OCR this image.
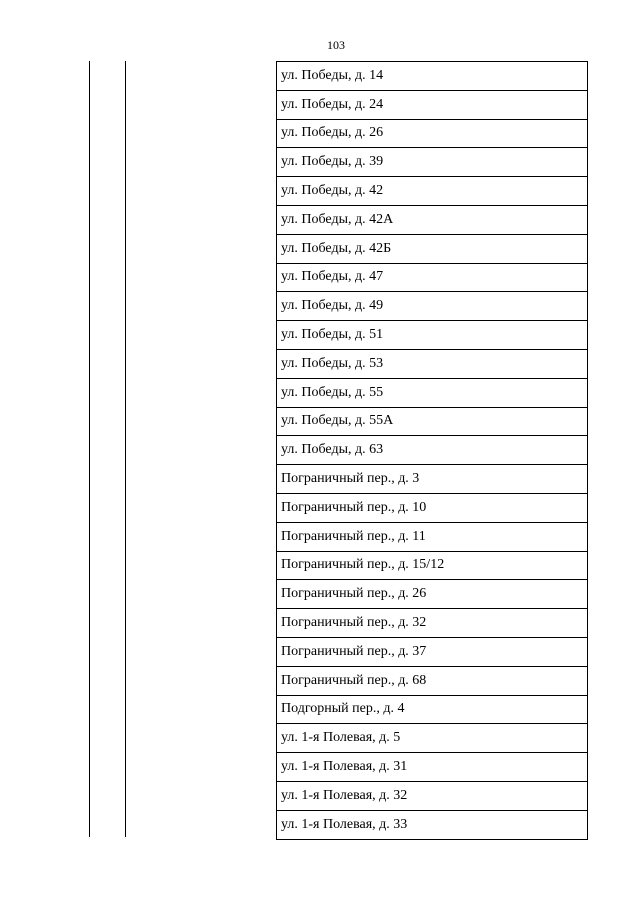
103
ул. Победы, д. 14
ул. Победы, д. 24
ул. Победы, д. 26
ул. Победы, д. 39
ул. Победы, д. 42
ул. Победы, д. 42А
ул. Победы, д. 42Б
ул. Победы, д. 47
ул. Победы, д. 49
ул. Победы, д. 51
ул. Победы, д. 53
ул. Победы, д. 55
ул. Победы, д. 55А
ул. Победы, д. 63
Пограничный пер., д. 3
Пограничный пер., д. 10
Пограничный пер., д. 11
Пограничный пер., д. 15/12
Пограничный пер., д. 26
Пограничный пер., д. 32
Пограничный пер., д. 37
Пограничный пер., д. 68
Подгорный пер., д. 4
ул. 1-я Полевая, д. 5
ул. 1-я Полевая, д. 31
ул. 1-я Полевая, д. 32
ул. 1-я Полевая, д. 33
